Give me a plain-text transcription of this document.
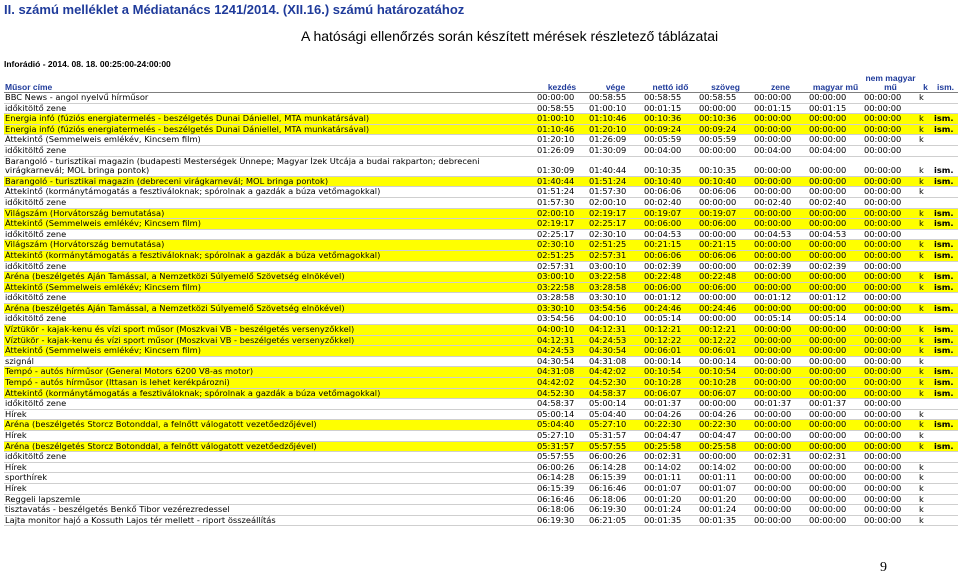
II. számú melléklet a Médiatanács 1241/2014. (XII.16.) számú határozatához
A hatósági ellenőrzés során készített mérések részletező táblázatai
Inforádió - 2014. 08. 18. 00:25:00-24:00:00
Műsor címe	kezdés	vége	nettó idő	szöveg	zene	magyar mű	nem magyar mű	k	ism.
BBC News - angol nyelvű hírműsor	00:00:00	00:58:55	00:58:55	00:58:55	00:00:00	00:00:00	00:00:00	k	
időkitöltő zene	00:58:55	01:00:10	00:01:15	00:00:00	00:01:15	00:01:15	00:00:00		
Energia infó (fúziós energiatermelés - beszélgetés Dunai Dániellel, MTA munkatársával)	01:00:10	01:10:46	00:10:36	00:10:36	00:00:00	00:00:00	00:00:00	k	ism.
Energia infó (fúziós energiatermelés - beszélgetés Dunai Dániellel, MTA munkatársával)	01:10:46	01:20:10	00:09:24	00:09:24	00:00:00	00:00:00	00:00:00	k	ism.
Áttekintő (Semmelweis emlékév, Kincsem film)	01:20:10	01:26:09	00:05:59	00:05:59	00:00:00	00:00:00	00:00:00	k	
időkitöltő zene	01:26:09	01:30:09	00:04:00	00:00:00	00:04:00	00:04:00	00:00:00		
Barangoló - turisztikai magazin (budapesti Mesterségek Ünnepe; Magyar Ízek Utcája a budai rakparton; debreceni virágkarnevál; MOL bringa pontok)	01:30:09	01:40:44	00:10:35	00:10:35	00:00:00	00:00:00	00:00:00	k	ism.
Barangoló - turisztikai magazin (debreceni virágkarnevál; MOL bringa pontok)	01:40:44	01:51:24	00:10:40	00:10:40	00:00:00	00:00:00	00:00:00	k	ism.
Áttekintő (kormánytámogatás a fesztiváloknak; spórolnak a gazdák a búza vetőmagokkal)	01:51:24	01:57:30	00:06:06	00:06:06	00:00:00	00:00:00	00:00:00	k	
időkitöltő zene	01:57:30	02:00:10	00:02:40	00:00:00	00:02:40	00:02:40	00:00:00		
Világszám (Horvátország bemutatása)	02:00:10	02:19:17	00:19:07	00:19:07	00:00:00	00:00:00	00:00:00	k	ism.
Áttekintő (Semmelweis emlékév; Kincsem film)	02:19:17	02:25:17	00:06:00	00:06:00	00:00:00	00:00:00	00:00:00	k	ism.
időkitöltő zene	02:25:17	02:30:10	00:04:53	00:00:00	00:04:53	00:04:53	00:00:00		
Világszám (Horvátország bemutatása)	02:30:10	02:51:25	00:21:15	00:21:15	00:00:00	00:00:00	00:00:00	k	ism.
Áttekintő (kormánytámogatás a fesztiváloknak; spórolnak a gazdák a búza vetőmagokkal)	02:51:25	02:57:31	00:06:06	00:06:06	00:00:00	00:00:00	00:00:00	k	ism.
időkitöltő zene	02:57:31	03:00:10	00:02:39	00:00:00	00:02:39	00:02:39	00:00:00		
Aréna (beszélgetés Aján Tamással, a Nemzetközi Súlyemelő Szövetség elnökével)	03:00:10	03:22:58	00:22:48	00:22:48	00:00:00	00:00:00	00:00:00	k	ism.
Áttekintő (Semmelweis emlékév; Kincsem film)	03:22:58	03:28:58	00:06:00	00:06:00	00:00:00	00:00:00	00:00:00	k	ism.
időkitöltő zene	03:28:58	03:30:10	00:01:12	00:00:00	00:01:12	00:01:12	00:00:00		
Aréna (beszélgetés Aján Tamással, a Nemzetközi Súlyemelő Szövetség elnökével)	03:30:10	03:54:56	00:24:46	00:24:46	00:00:00	00:00:00	00:00:00	k	ism.
időkitöltő zene	03:54:56	04:00:10	00:05:14	00:00:00	00:05:14	00:05:14	00:00:00		
Víztükör - kajak-kenu és vízi sport műsor (Moszkvai VB - beszélgetés versenyzőkkel)	04:00:10	04:12:31	00:12:21	00:12:21	00:00:00	00:00:00	00:00:00	k	ism.
Víztükör - kajak-kenu és vízi sport műsor (Moszkvai VB - beszélgetés versenyzőkkel)	04:12:31	04:24:53	00:12:22	00:12:22	00:00:00	00:00:00	00:00:00	k	ism.
Áttekintő (Semmelweis emlékév; Kincsem film)	04:24:53	04:30:54	00:06:01	00:06:01	00:00:00	00:00:00	00:00:00	k	ism.
szignál	04:30:54	04:31:08	00:00:14	00:00:14	00:00:00	00:00:00	00:00:00	k	
Tempó - autós hírműsor (General Motors 6200 V8-as motor)	04:31:08	04:42:02	00:10:54	00:10:54	00:00:00	00:00:00	00:00:00	k	ism.
Tempó - autós hírműsor (Ittasan is lehet kerékpározni)	04:42:02	04:52:30	00:10:28	00:10:28	00:00:00	00:00:00	00:00:00	k	ism.
Áttekintő (kormánytámogatás a fesztiváloknak; spórolnak a gazdák a búza vetőmagokkal)	04:52:30	04:58:37	00:06:07	00:06:07	00:00:00	00:00:00	00:00:00	k	ism.
időkitöltő zene	04:58:37	05:00:14	00:01:37	00:00:00	00:01:37	00:01:37	00:00:00		
Hírek	05:00:14	05:04:40	00:04:26	00:04:26	00:00:00	00:00:00	00:00:00	k	
Aréna (beszélgetés Storcz Botonddal, a felnőtt válogatott vezetőedzőjével)	05:04:40	05:27:10	00:22:30	00:22:30	00:00:00	00:00:00	00:00:00	k	ism.
Hírek	05:27:10	05:31:57	00:04:47	00:04:47	00:00:00	00:00:00	00:00:00	k	
Aréna (beszélgetés Storcz Botonddal, a felnőtt válogatott vezetőedzőjével)	05:31:57	05:57:55	00:25:58	00:25:58	00:00:00	00:00:00	00:00:00	k	ism.
időkitöltő zene	05:57:55	06:00:26	00:02:31	00:00:00	00:02:31	00:02:31	00:00:00		
Hírek	06:00:26	06:14:28	00:14:02	00:14:02	00:00:00	00:00:00	00:00:00	k	
sporthírek	06:14:28	06:15:39	00:01:11	00:01:11	00:00:00	00:00:00	00:00:00	k	
Hírek	06:15:39	06:16:46	00:01:07	00:01:07	00:00:00	00:00:00	00:00:00	k	
Reggeli lapszemle	06:16:46	06:18:06	00:01:20	00:01:20	00:00:00	00:00:00	00:00:00	k	
tisztavatás - beszélgetés Benkő Tibor vezérezredessel	06:18:06	06:19:30	00:01:24	00:01:24	00:00:00	00:00:00	00:00:00	k	
Lajta monitor hajó a Kossuth Lajos tér mellett - riport összeállítás	06:19:30	06:21:05	00:01:35	00:01:35	00:00:00	00:00:00	00:00:00	k	
9
